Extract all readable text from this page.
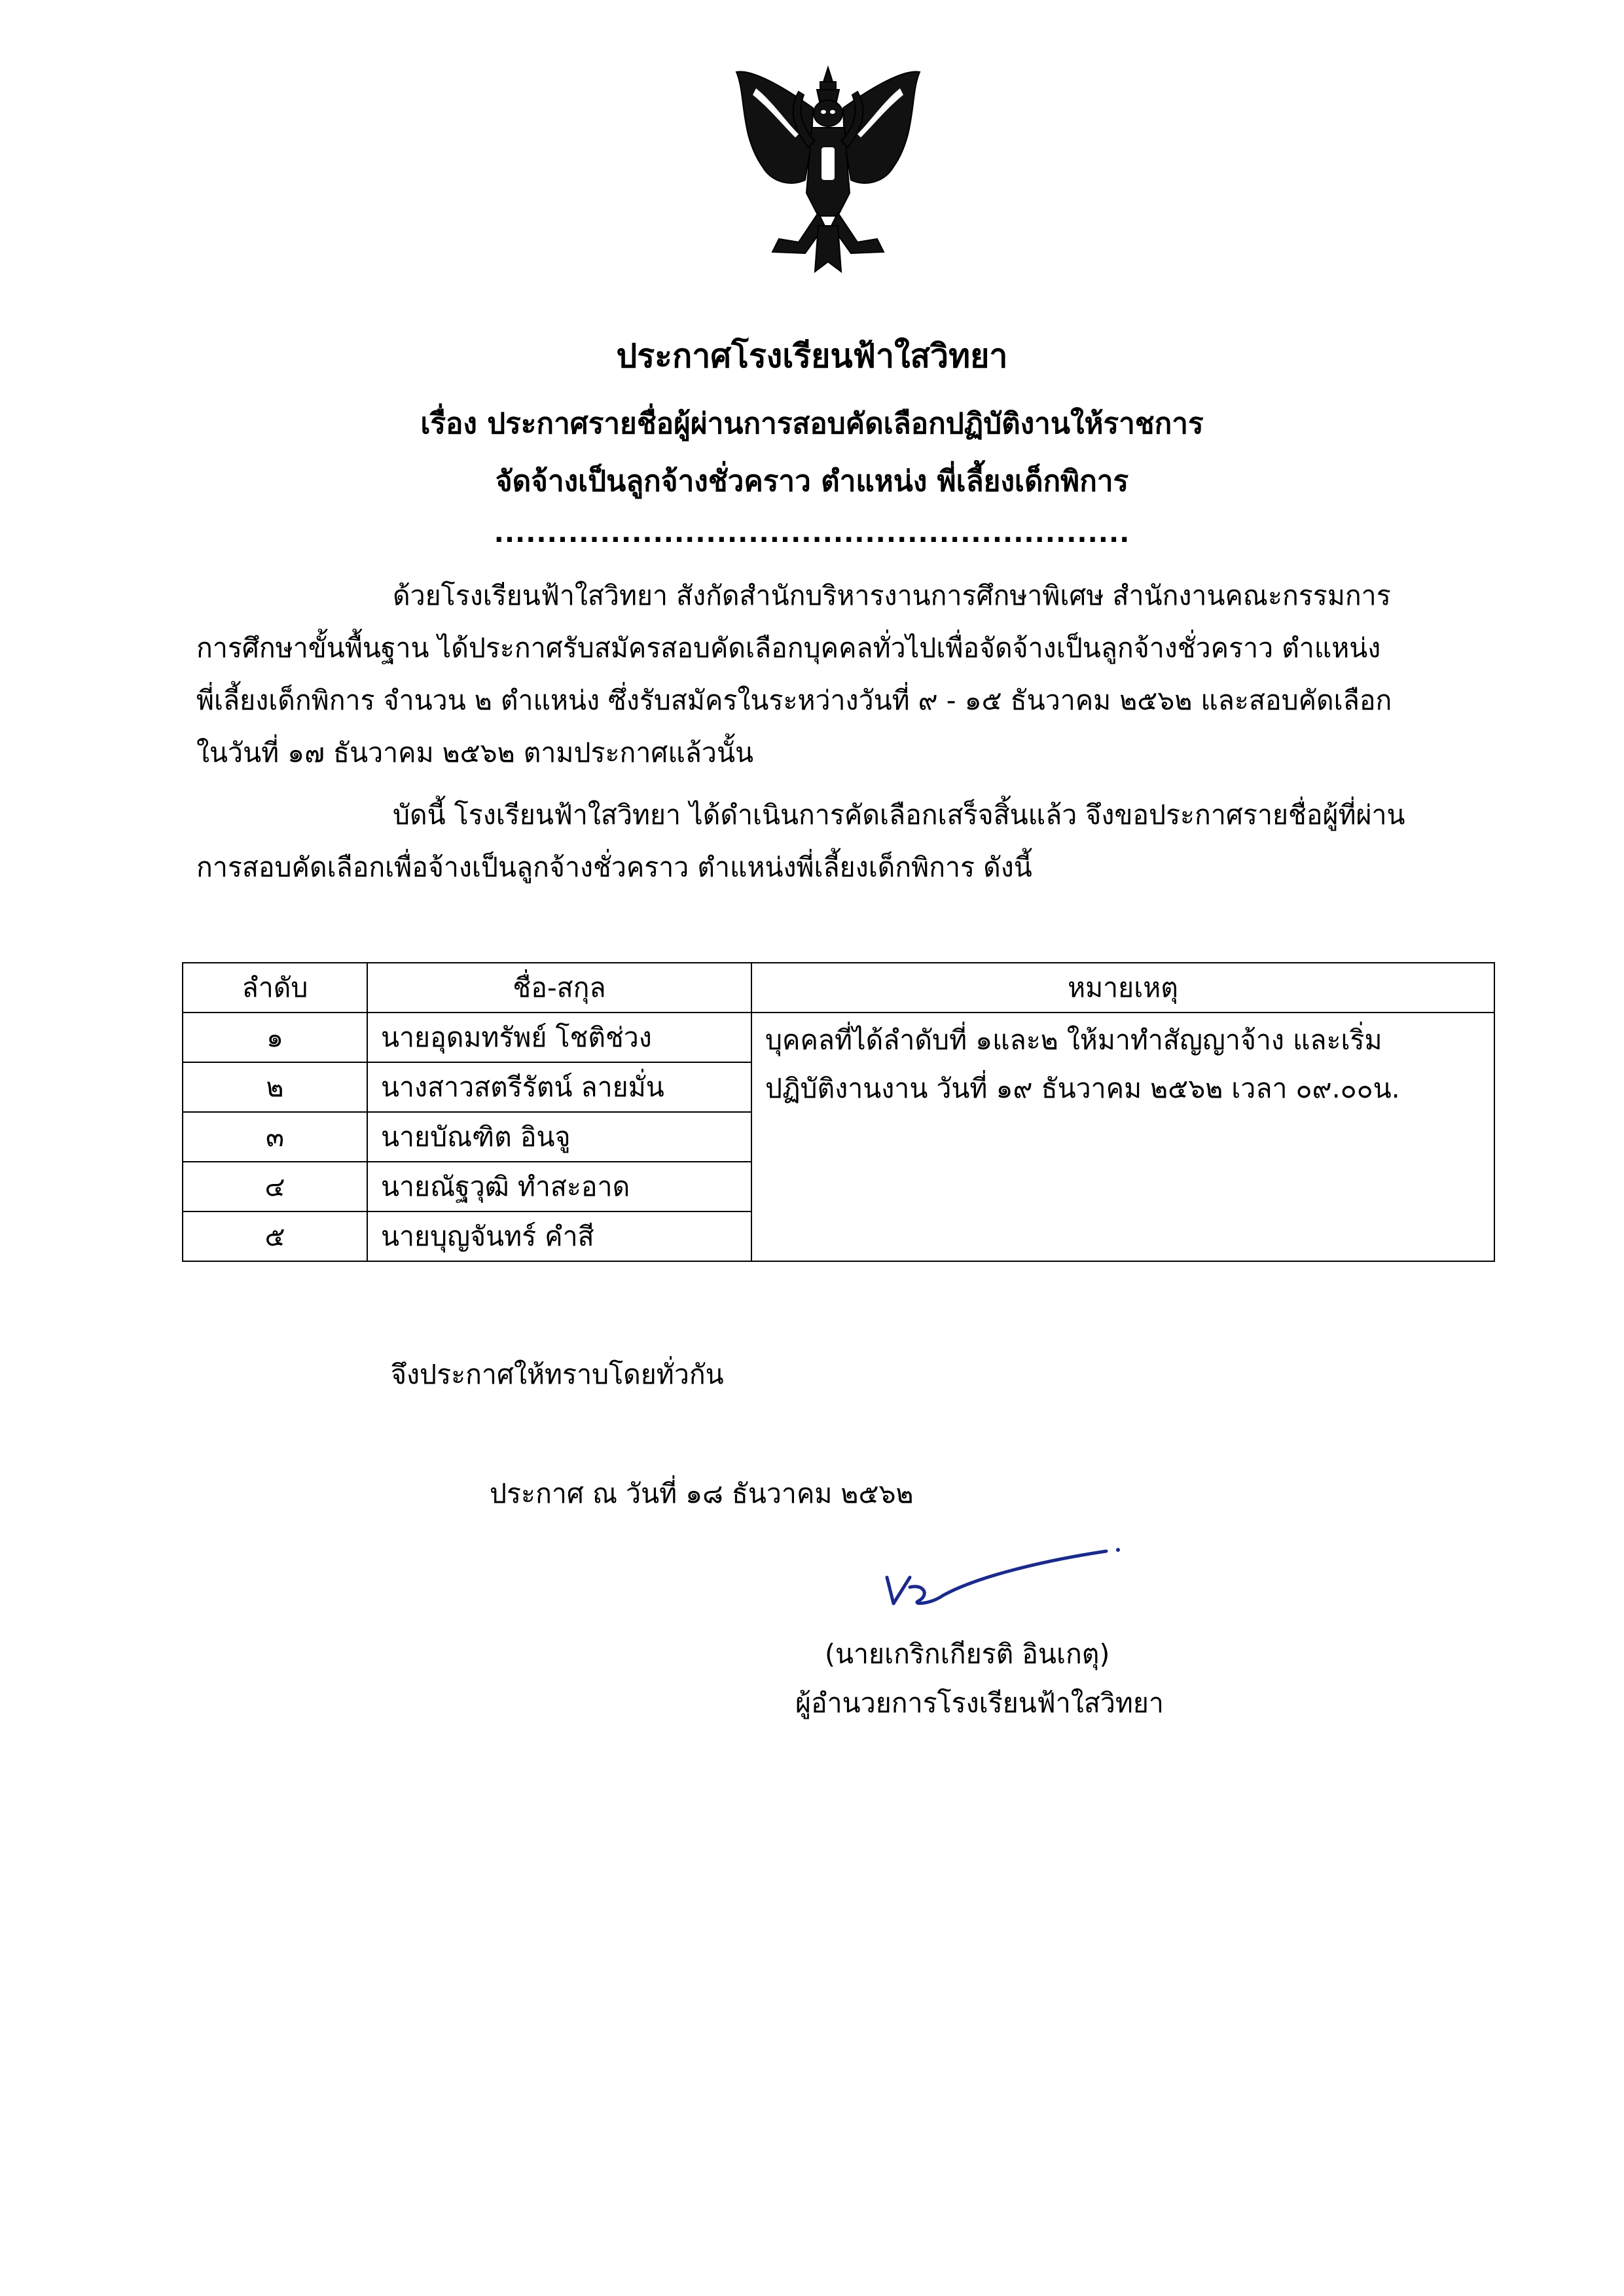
ประกาศโรงเรียนฟ้าใสวิทยา
เรื่อง ประกาศรายชื่อผู้ผ่านการสอบคัดเลือกปฏิบัติงานให้ราชการ
จัดจ้างเป็นลูกจ้างชั่วคราว ตำแหน่ง พี่เลี้ยงเด็กพิการ
............................................................
ด้วยโรงเรียนฟ้าใสวิทยา สังกัดสำนักบริหารงานการศึกษาพิเศษ สำนักงานคณะกรรมการ
การศึกษาขั้นพื้นฐาน ได้ประกาศรับสมัครสอบคัดเลือกบุคคลทั่วไปเพื่อจัดจ้างเป็นลูกจ้างชั่วคราว ตำแหน่ง
พี่เลี้ยงเด็กพิการ จำนวน ๒ ตำแหน่ง ซึ่งรับสมัครในระหว่างวันที่ ๙ - ๑๕ ธันวาคม ๒๕๖๒ และสอบคัดเลือก
ในวันที่ ๑๗ ธันวาคม ๒๕๖๒ ตามประกาศแล้วนั้น
บัดนี้ โรงเรียนฟ้าใสวิทยา ได้ดำเนินการคัดเลือกเสร็จสิ้นแล้ว จึงขอประกาศรายชื่อผู้ที่ผ่าน
การสอบคัดเลือกเพื่อจ้างเป็นลูกจ้างชั่วคราว ตำแหน่งพี่เลี้ยงเด็กพิการ ดังนี้
ลำดับ	ชื่อ-สกุล	หมายเหตุ
๑	นายอุดมทรัพย์ โชติช่วง	บุคคลที่ได้ลำดับที่ ๑และ๒ ให้มาทำสัญญาจ้าง และเริ่ม
ปฏิบัติงานงาน วันที่ ๑๙ ธันวาคม ๒๕๖๒ เวลา ๐๙.๐๐น.

๒	นางสาวสตรีรัตน์ ลายมั่น	
๓	นายบัณฑิต อินจู	
๔	นายณัฐวุฒิ ทำสะอาด	
๕	นายบุญจันทร์ คำสี	
จึงประกาศให้ทราบโดยทั่วกัน
ประกาศ ณ วันที่ ๑๘ ธันวาคม ๒๕๖๒
(นายเกริกเกียรติ อินเกตุ)
ผู้อำนวยการโรงเรียนฟ้าใสวิทยา
